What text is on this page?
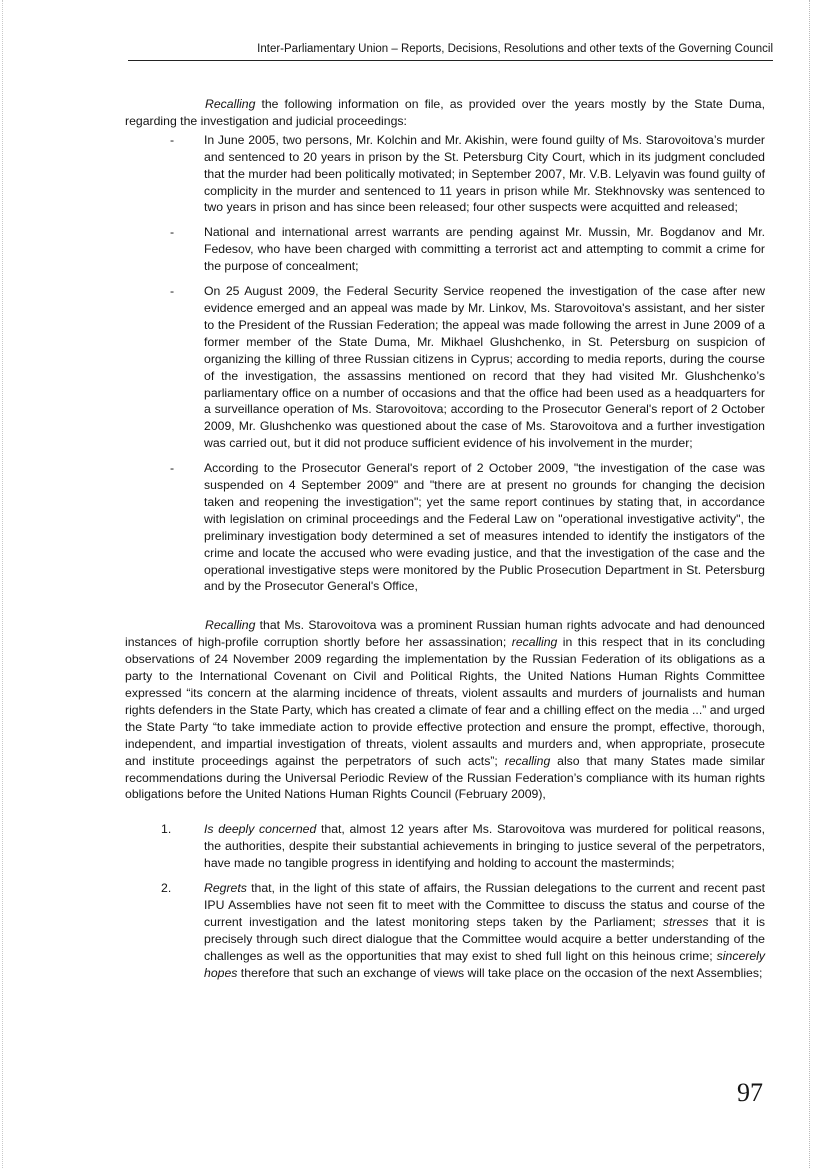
Inter-Parliamentary Union – Reports, Decisions, Resolutions and other texts of the Governing Council

Recalling the following information on file, as provided over the years mostly by the State Duma, regarding the investigation and judicial proceedings:

- In June 2005, two persons, Mr. Kolchin and Mr. Akishin, were found guilty of Ms. Starovoitova’s murder and sentenced to 20 years in prison by the St. Petersburg City Court, which in its judgment concluded that the murder had been politically motivated; in September 2007, Mr. V.B. Lelyavin was found guilty of complicity in the murder and sentenced to 11 years in prison while Mr. Stekhnovsky was sentenced to two years in prison and has since been released; four other suspects were acquitted and released;
- National and international arrest warrants are pending against Mr. Mussin, Mr. Bogdanov and Mr. Fedesov, who have been charged with committing a terrorist act and attempting to commit a crime for the purpose of concealment;
- On 25 August 2009, the Federal Security Service reopened the investigation of the case after new evidence emerged and an appeal was made by Mr. Linkov, Ms. Starovoitova's assistant, and her sister to the President of the Russian Federation; the appeal was made following the arrest in June 2009 of a former member of the State Duma, Mr. Mikhael Glushchenko, in St. Petersburg on suspicion of organizing the killing of three Russian citizens in Cyprus; according to media reports, during the course of the investigation, the assassins mentioned on record that they had visited Mr. Glushchenko’s parliamentary office on a number of occasions and that the office had been used as a headquarters for a surveillance operation of Ms. Starovoitova; according to the Prosecutor General's report of 2 October 2009, Mr. Glushchenko was questioned about the case of Ms. Starovoitova and a further investigation was carried out, but it did not produce sufficient evidence of his involvement in the murder;
- According to the Prosecutor General's report of 2 October 2009, "the investigation of the case was suspended on 4 September 2009" and "there are at present no grounds for changing the decision taken and reopening the investigation"; yet the same report continues by stating that, in accordance with legislation on criminal proceedings and the Federal Law on "operational investigative activity", the preliminary investigation body determined a set of measures intended to identify the instigators of the crime and locate the accused who were evading justice, and that the investigation of the case and the operational investigative steps were monitored by the Public Prosecution Department in St. Petersburg and by the Prosecutor General's Office,

Recalling that Ms. Starovoitova was a prominent Russian human rights advocate and had denounced instances of high-profile corruption shortly before her assassination; recalling in this respect that in its concluding observations of 24 November 2009 regarding the implementation by the Russian Federation of its obligations as a party to the International Covenant on Civil and Political Rights, the United Nations Human Rights Committee expressed “its concern at the alarming incidence of threats, violent assaults and murders of journalists and human rights defenders in the State Party, which has created a climate of fear and a chilling effect on the media ...” and urged the State Party “to take immediate action to provide effective protection and ensure the prompt, effective, thorough, independent, and impartial investigation of threats, violent assaults and murders and, when appropriate, prosecute and institute proceedings against the perpetrators of such acts”; recalling also that many States made similar recommendations during the Universal Periodic Review of the Russian Federation’s compliance with its human rights obligations before the United Nations Human Rights Council (February 2009),

1.	Is deeply concerned that, almost 12 years after Ms. Starovoitova was murdered for political reasons, the authorities, despite their substantial achievements in bringing to justice several of the perpetrators, have made no tangible progress in identifying and holding to account the masterminds;
2.	Regrets that, in the light of this state of affairs, the Russian delegations to the current and recent past IPU Assemblies have not seen fit to meet with the Committee to discuss the status and course of the current investigation and the latest monitoring steps taken by the Parliament; stresses that it is precisely through such direct dialogue that the Committee would acquire a better understanding of the challenges as well as the opportunities that may exist to shed full light on this heinous crime; sincerely hopes therefore that such an exchange of views will take place on the occasion of the next Assemblies;
97
